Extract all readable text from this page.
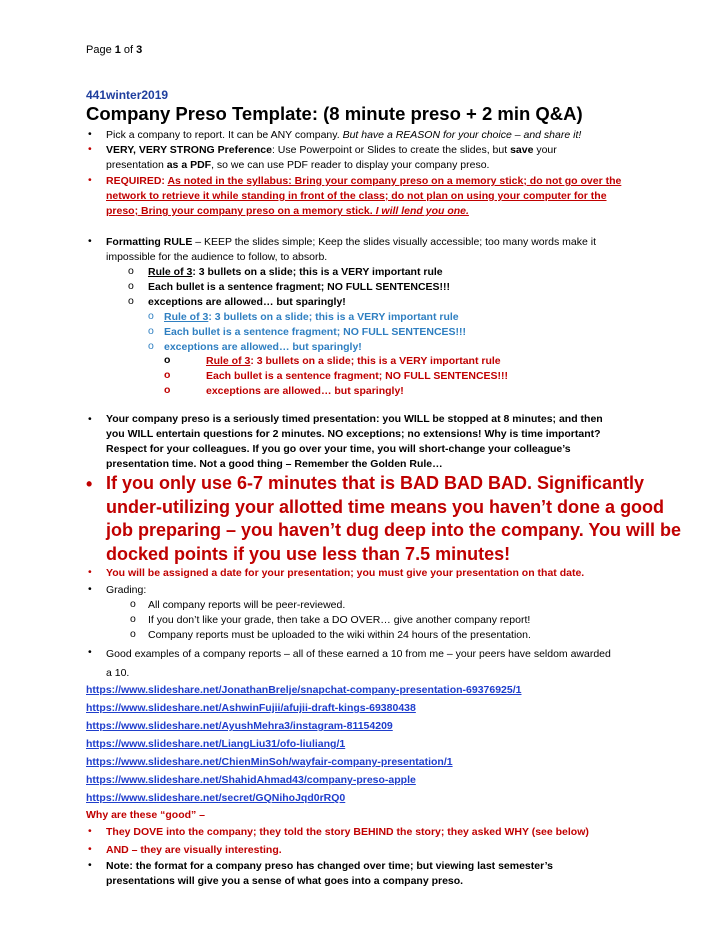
Page 1 of 3
441winter2019
Company Preso Template: (8 minute preso + 2 min Q&A)
• Pick a company to report. It can be ANY company. But have a REASON for your choice – and share it!
• VERY, VERY STRONG Preference: Use Powerpoint or Slides to create the slides, but save your
presentation as a PDF, so we can use PDF reader to display your company preso.
• REQUIRED: As noted in the syllabus: Bring your company preso on a memory stick; do not go over the
network to retrieve it while standing in front of the class; do not plan on using your computer for the
preso; Bring your company preso on a memory stick. I will lend you one.
• Formatting RULE – KEEP the slides simple; Keep the slides visually accessible; too many words make it
impossible for the audience to follow, to absorb.
o Rule of 3: 3 bullets on a slide; this is a VERY important rule
o Each bullet is a sentence fragment; NO FULL SENTENCES!!!
o exceptions are allowed… but sparingly!
o Rule of 3: 3 bullets on a slide; this is a VERY important rule
o Each bullet is a sentence fragment; NO FULL SENTENCES!!!
o exceptions are allowed… but sparingly!
o	Rule of 3: 3 bullets on a slide; this is a VERY important rule
o	Each bullet is a sentence fragment; NO FULL SENTENCES!!!
o	exceptions are allowed… but sparingly!
• Your company preso is a seriously timed presentation: you WILL be stopped at 8 minutes; and then
you WILL entertain questions for 2 minutes. NO exceptions; no extensions! Why is time important?
Respect for your colleagues. If you go over your time, you will short-change your colleague’s
presentation time. Not a good thing – Remember the Golden Rule…
• If you only use 6-7 minutes that is BAD BAD BAD. Significantly
under-utilizing your allotted time means you haven’t done a good
job preparing – you haven’t dug deep into the company. You will be
docked points if you use less than 7.5 minutes!
• You will be assigned a date for your presentation; you must give your presentation on that date.
• Grading:
o All company reports will be peer-reviewed.
o If you don’t like your grade, then take a DO OVER… give another company report!
o Company reports must be uploaded to the wiki within 24 hours of the presentation.
• Good examples of a company reports – all of these earned a 10 from me – your peers have seldom awarded
a 10.
https://www.slideshare.net/JonathanBrelje/snapchat-company-presentation-69376925/1
https://www.slideshare.net/AshwinFujii/afujii-draft-kings-69380438
https://www.slideshare.net/AyushMehra3/instagram-81154209
https://www.slideshare.net/LiangLiu31/ofo-liuliang/1
https://www.slideshare.net/ChienMinSoh/wayfair-company-presentation/1
https://www.slideshare.net/ShahidAhmad43/company-preso-apple
https://www.slideshare.net/secret/GQNihoJqd0rRQ0
Why are these “good” –
• They DOVE into the company; they told the story BEHIND the story; they asked WHY (see below)
• AND – they are visually interesting.
• Note: the format for a company preso has changed over time; but viewing last semester’s
presentations will give you a sense of what goes into a company preso.
